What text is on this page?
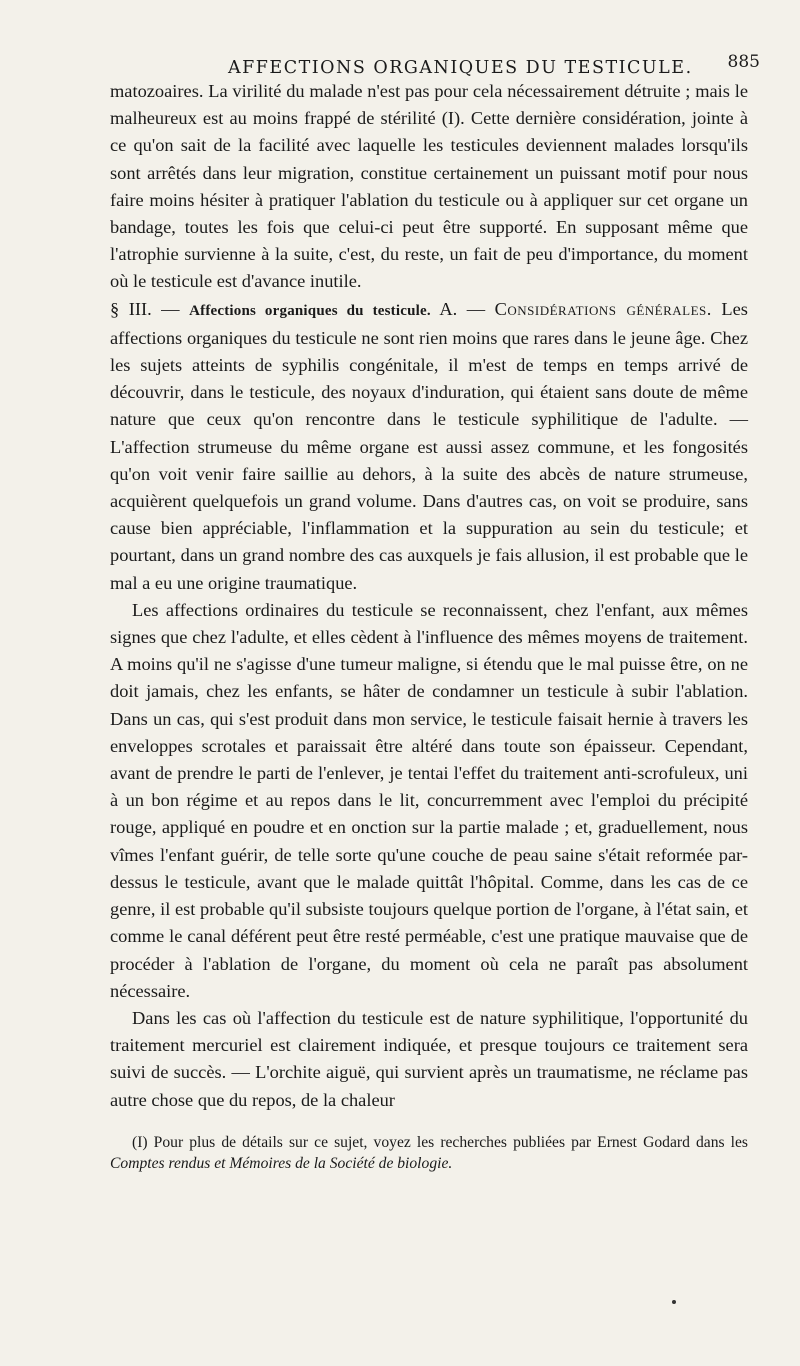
AFFECTIONS ORGANIQUES DU TESTICULE. 885

matozoaires. La virilité du malade n'est pas pour cela nécessairement détruite ; mais le malheureux est au moins frappé de stérilité (I). Cette dernière considération, jointe à ce qu'on sait de la facilité avec laquelle les testicules deviennent malades lorsqu'ils sont arrêtés dans leur migration, constitue certainement un puissant motif pour nous faire moins hésiter à pratiquer l'ablation du testicule ou à appliquer sur cet organe un bandage, toutes les fois que celui-ci peut être supporté. En supposant même que l'atrophie survienne à la suite, c'est, du reste, un fait de peu d'importance, du moment où le testicule est d'avance inutile.

§ III. — Affections organiques du testicule. A. — Considérations générales. Les affections organiques du testicule ne sont rien moins que rares dans le jeune âge. Chez les sujets atteints de syphilis congénitale, il m'est de temps en temps arrivé de découvrir, dans le testicule, des noyaux d'induration, qui étaient sans doute de même nature que ceux qu'on rencontre dans le testicule syphilitique de l'adulte. — L'affection strumeuse du même organe est aussi assez commune, et les fongosités qu'on voit venir faire saillie au dehors, à la suite des abcès de nature strumeuse, acquièrent quelquefois un grand volume. Dans d'autres cas, on voit se produire, sans cause bien appréciable, l'inflammation et la suppuration au sein du testicule; et pourtant, dans un grand nombre des cas auxquels je fais allusion, il est probable que le mal a eu une origine traumatique.

Les affections ordinaires du testicule se reconnaissent, chez l'enfant, aux mêmes signes que chez l'adulte, et elles cèdent à l'influence des mêmes moyens de traitement. A moins qu'il ne s'agisse d'une tumeur maligne, si étendu que le mal puisse être, on ne doit jamais, chez les enfants, se hâter de condamner un testicule à subir l'ablation. Dans un cas, qui s'est produit dans mon service, le testicule faisait hernie à travers les enveloppes scrotales et paraissait être altéré dans toute son épaisseur. Cependant, avant de prendre le parti de l'enlever, je tentai l'effet du traitement anti-scrofuleux, uni à un bon régime et au repos dans le lit, concurremment avec l'emploi du précipité rouge, appliqué en poudre et en onction sur la partie malade ; et, graduellement, nous vîmes l'enfant guérir, de telle sorte qu'une couche de peau saine s'était reformée par-dessus le testicule, avant que le malade quittât l'hôpital. Comme, dans les cas de ce genre, il est probable qu'il subsiste toujours quelque portion de l'organe, à l'état sain, et comme le canal déférent peut être resté perméable, c'est une pratique mauvaise que de procéder à l'ablation de l'organe, du moment où cela ne paraît pas absolument nécessaire.

Dans les cas où l'affection du testicule est de nature syphilitique, l'opportunité du traitement mercuriel est clairement indiquée, et presque toujours ce traitement sera suivi de succès. — L'orchite aiguë, qui survient après un traumatisme, ne réclame pas autre chose que du repos, de la chaleur

(I) Pour plus de détails sur ce sujet, voyez les recherches publiées par Ernest Godard dans les Comptes rendus et Mémoires de la Société de biologie.
